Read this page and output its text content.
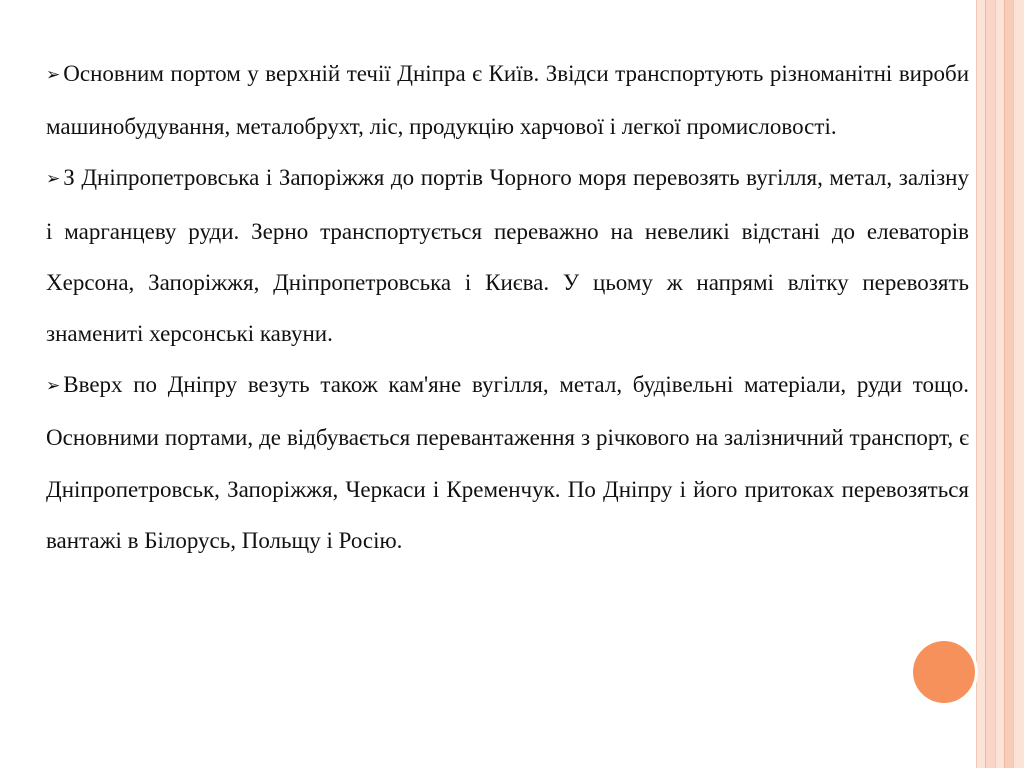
➢ Основним портом у верхній течії Дніпра є Київ. Звідси транспортують різноманітні вироби машинобудування, металобрухт, ліс, продукцію харчової і легкої промисловості.

➢ З Дніпропетровська і Запоріжжя до портів Чорного моря перевозять вугілля, метал, залізну і марганцеву руди. Зерно транспортується переважно на невеликі відстані до елеваторів Херсона, Запоріжжя, Дніпропетровська і Києва. У цьому ж напрямі влітку перевозять знамениті херсонські кавуни.

➢ Вверх по Дніпру везуть також кам'яне вугілля, метал, будівельні матеріали, руди тощо. Основними портами, де відбувається перевантаження з річкового на залізничний транспорт, є Дніпропетровськ, Запоріжжя, Черкаси і Кременчук. По Дніпру і його притоках перевозяться вантажі в Білорусь, Польщу і Росію.
